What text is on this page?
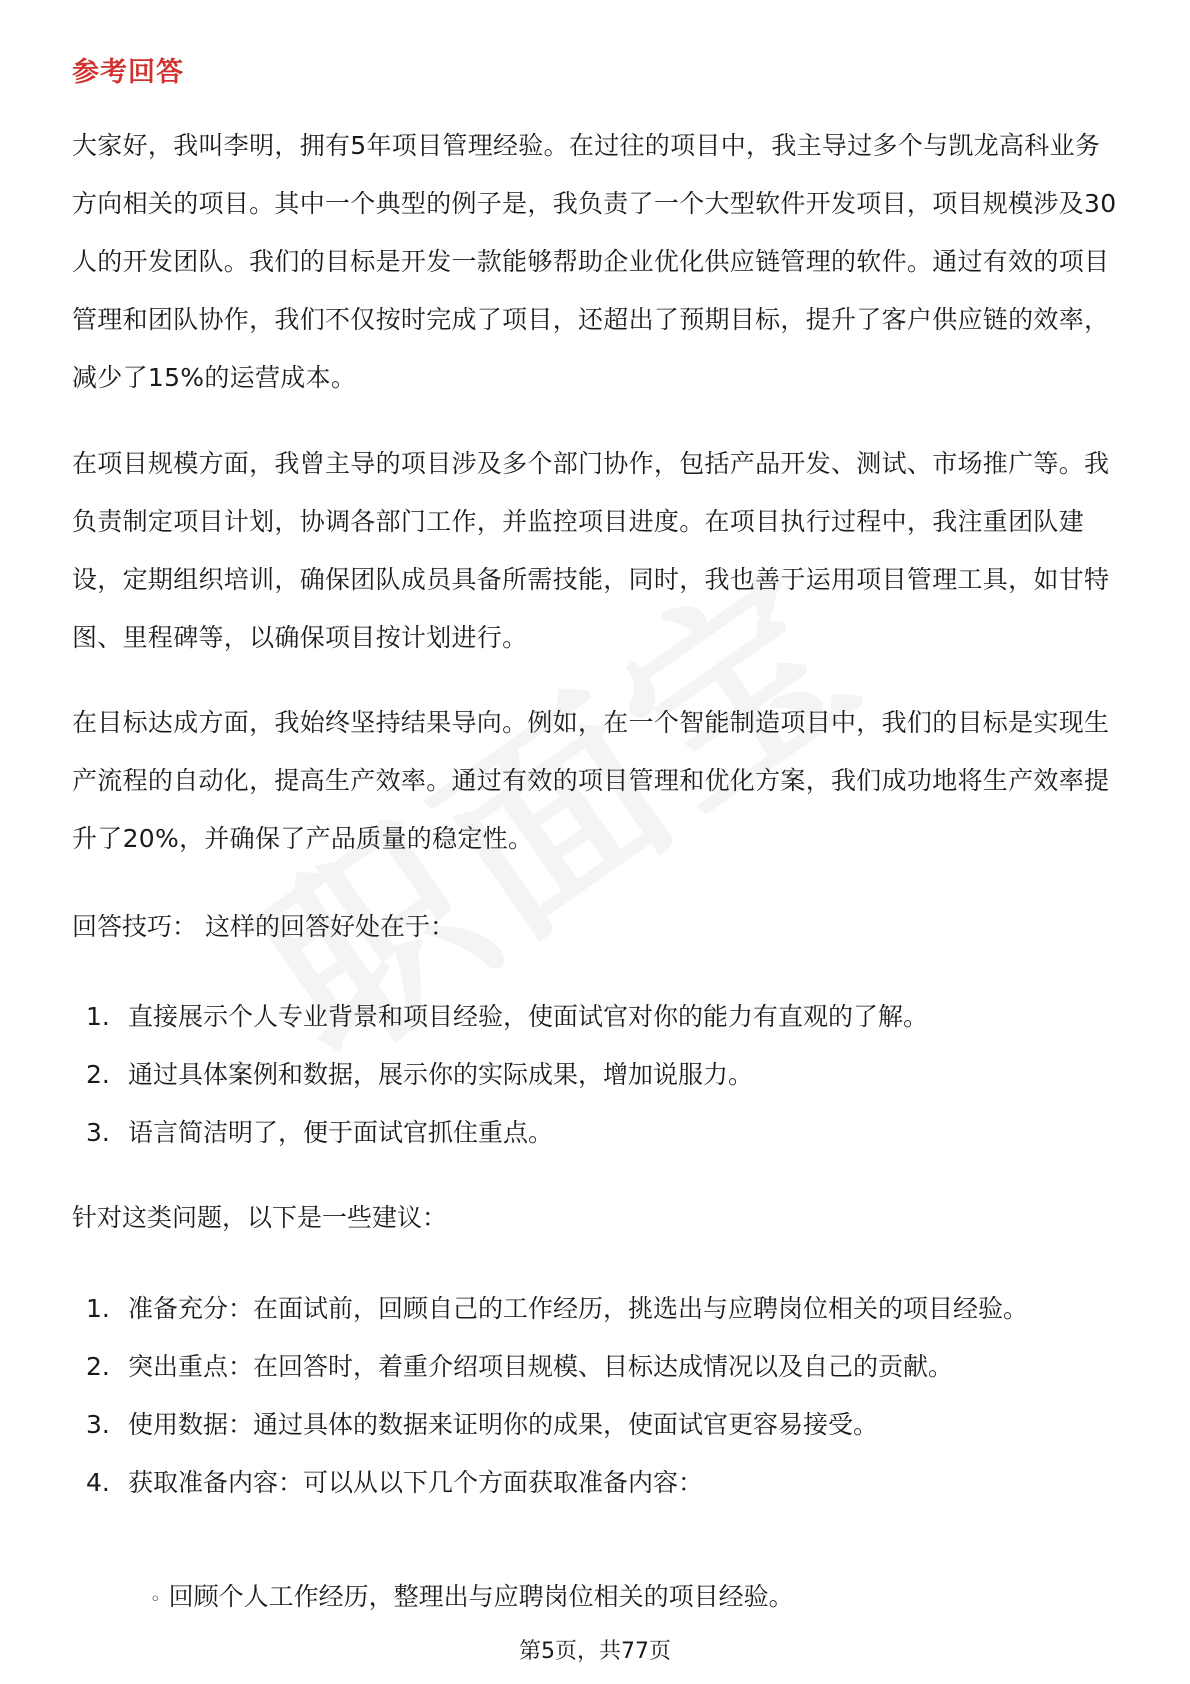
参考回答
大家好，我叫李明，拥有5年项目管理经验。在过往的项目中，我主导过多个与凯龙高科业务方向相关的项目。其中一个典型的例子是，我负责了一个大型软件开发项目，项目规模涉及30人的开发团队。我们的目标是开发一款能够帮助企业优化供应链管理的软件。通过有效的项目管理和团队协作，我们不仅按时完成了项目，还超出了预期目标，提升了客户供应链的效率，减少了15%的运营成本。
在项目规模方面，我曾主导的项目涉及多个部门协作，包括产品开发、测试、市场推广等。我负责制定项目计划，协调各部门工作，并监控项目进度。在项目执行过程中，我注重团队建设，定期组织培训，确保团队成员具备所需技能，同时，我也善于运用项目管理工具，如甘特图、里程碑等，以确保项目按计划进行。
在目标达成方面，我始终坚持结果导向。例如，在一个智能制造项目中，我们的目标是实现生产流程的自动化，提高生产效率。通过有效的项目管理和优化方案，我们成功地将生产效率提升了20%，并确保了产品质量的稳定性。
回答技巧： 这样的回答好处在于：
1. 直接展示个人专业背景和项目经验，使面试官对你的能力有直观的了解。
2. 通过具体案例和数据，展示你的实际成果，增加说服力。
3. 语言简洁明了，便于面试官抓住重点。
针对这类问题，以下是一些建议：
1. 准备充分：在面试前，回顾自己的工作经历，挑选出与应聘岗位相关的项目经验。
2. 突出重点：在回答时，着重介绍项目规模、目标达成情况以及自己的贡献。
3. 使用数据：通过具体的数据来证明你的成果，使面试官更容易接受。
4. 获取准备内容：可以从以下几个方面获取准备内容：
◦ 回顾个人工作经历，整理出与应聘岗位相关的项目经验。
第5页，共77页
